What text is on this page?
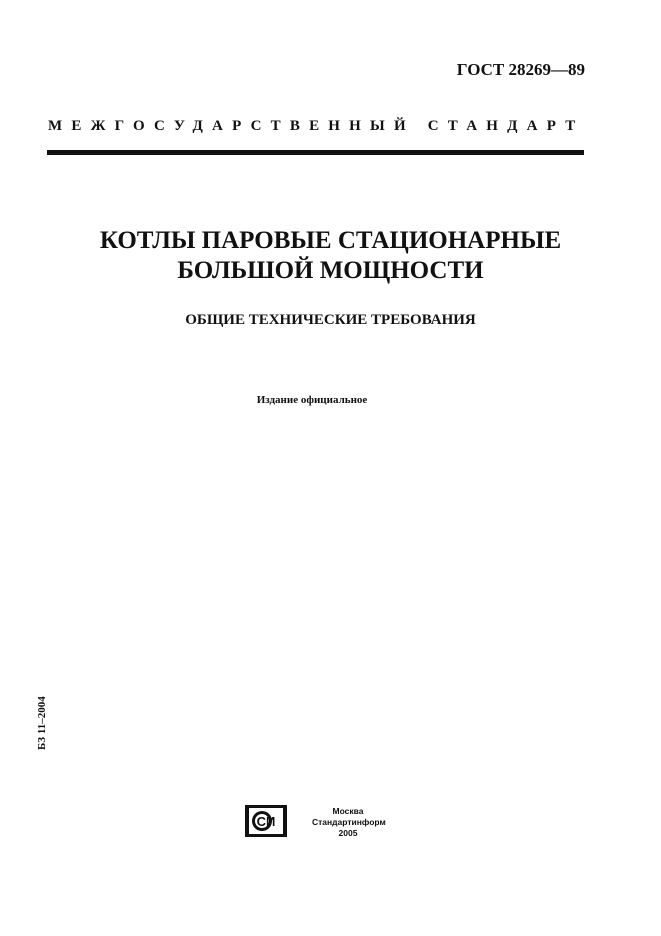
ГОСТ 28269—89
МЕЖГОСУДАРСТВЕННЫЙ СТАНДАРТ
КОТЛЫ ПАРОВЫЕ СТАЦИОНАРНЫЕ
БОЛЬШОЙ МОЩНОСТИ
ОБЩИЕ ТЕХНИЧЕСКИЕ ТРЕБОВАНИЯ
Издание официальное
БЗ 11–2004
СИ
Москва
Стандартинформ
2005
